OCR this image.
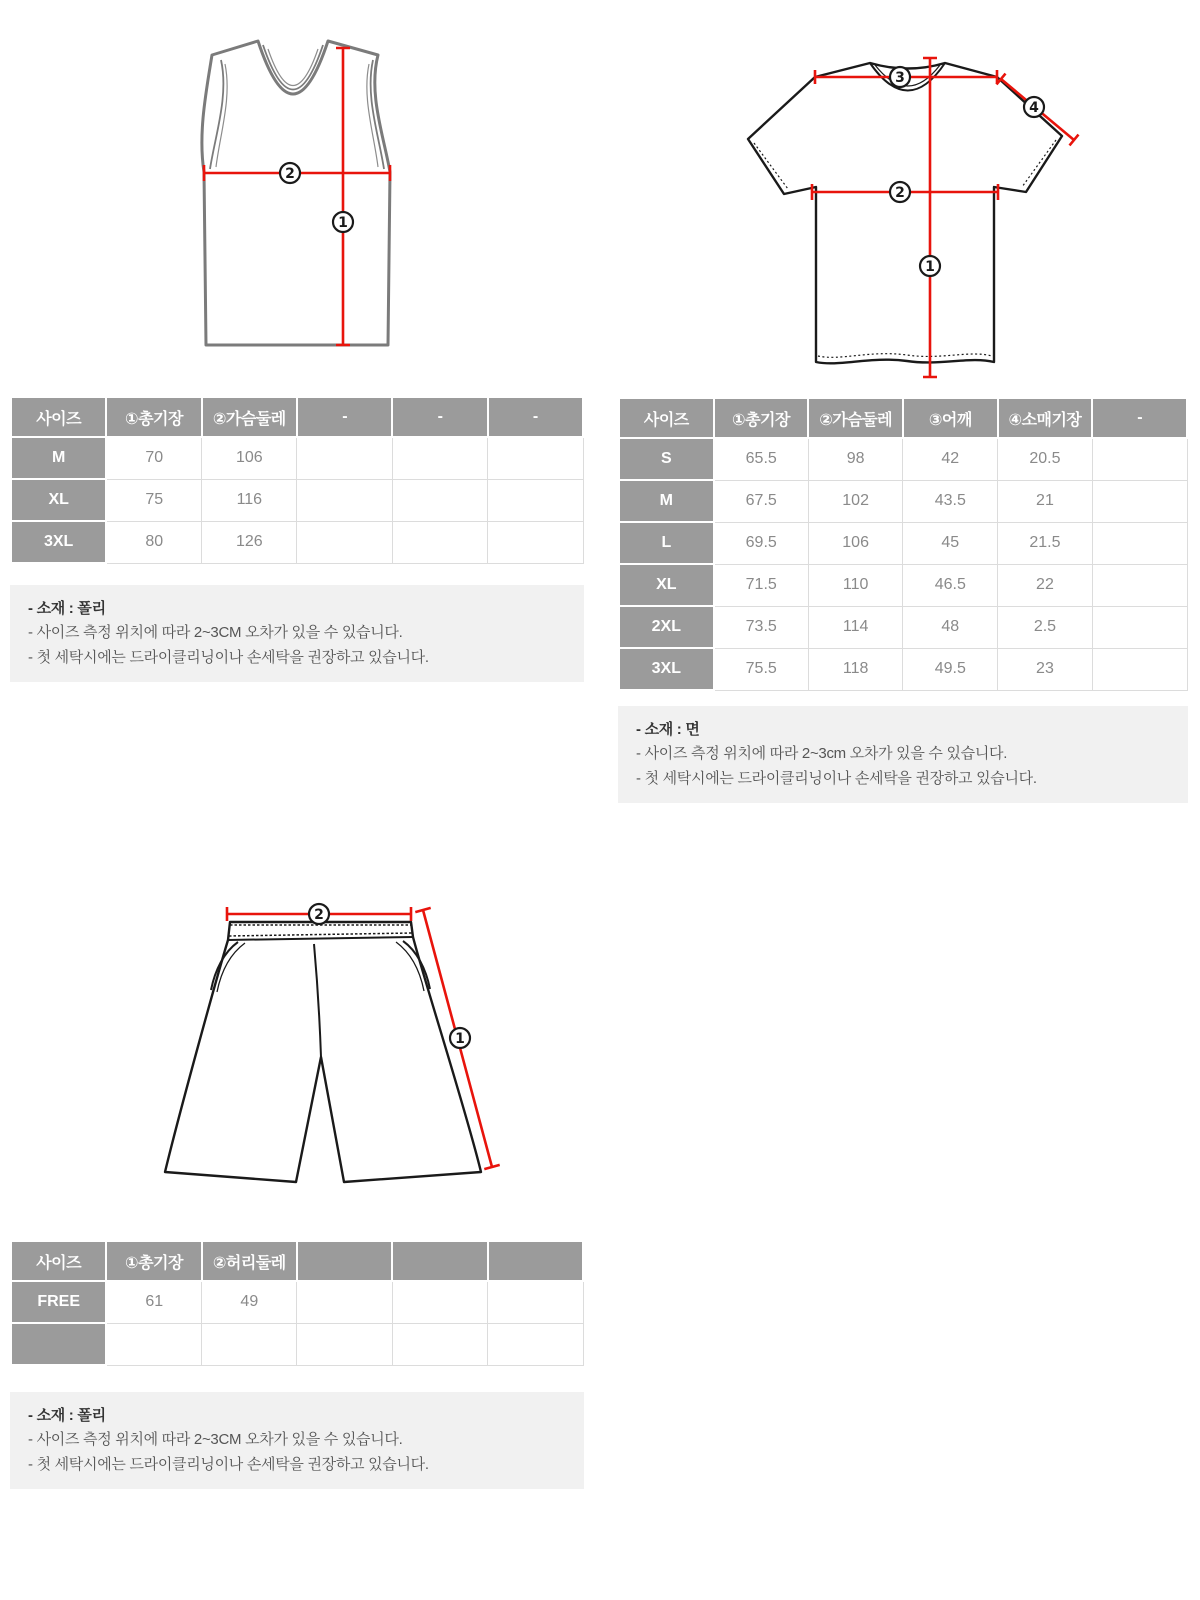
1
2
3
4
2
1
사이즈	①총기장	②가슴둘레	-	-	-
M	70	106			
XL	75	116			
3XL	80	126			
- 소재 : 폴리
- 사이즈 측정 위치에 따라 2~3CM 오차가 있을 수 있습니다.
- 첫 세탁시에는 드라이클리닝이나 손세탁을 권장하고 있습니다.
사이즈	①총기장	②가슴둘레	③어깨	④소매기장	-
S	65.5	98	42	20.5	
M	67.5	102	43.5	21	
L	69.5	106	45	21.5	
XL	71.5	110	46.5	22	
2XL	73.5	114	48	2.5	
3XL	75.5	118	49.5	23	
- 소재 : 면
- 사이즈 측정 위치에 따라 2~3cm 오차가 있을 수 있습니다.
- 첫 세탁시에는 드라이클리닝이나 손세탁을 권장하고 있습니다.
2
1
사이즈	①총기장	②허리둘레			
FREE	61	49			

- 소재 : 폴리
- 사이즈 측정 위치에 따라 2~3CM 오차가 있을 수 있습니다.
- 첫 세탁시에는 드라이클리닝이나 손세탁을 권장하고 있습니다.
